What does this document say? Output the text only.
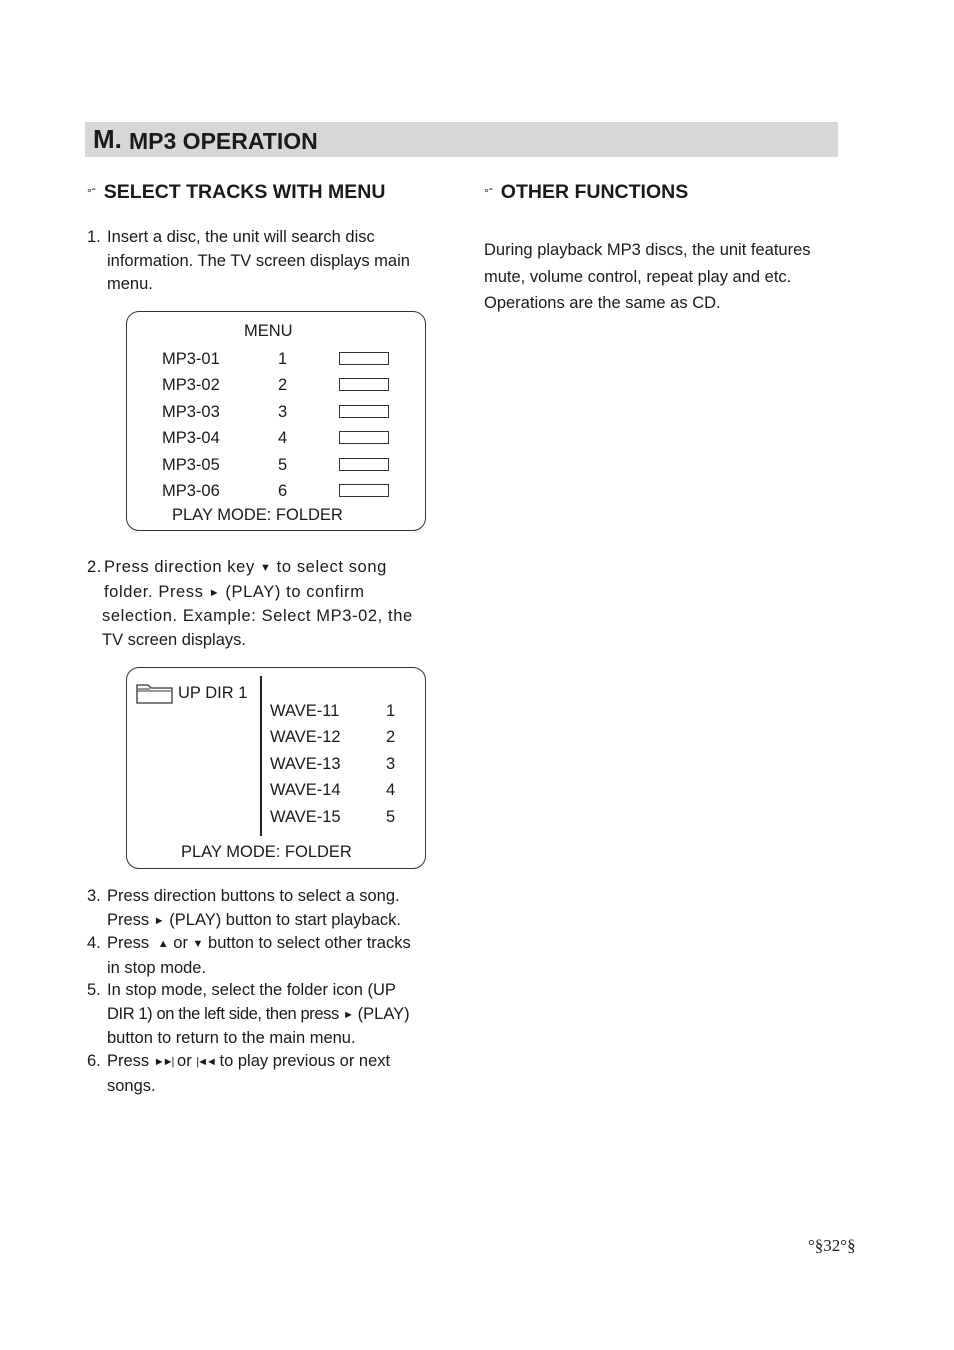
M. MP3 OPERATION
$^{^\circ ˆ}$ SELECT TRACKS WITH MENU
1. Insert a disc, the unit will search disc
information. The TV screen displays main
menu.
MENU
MP3-01	1
MP3-02	2
MP3-03	3
MP3-04	4
MP3-05	5
MP3-06	6
PLAY MODE: FOLDER
2. Press direction key ▼ to select song
folder. Press ► (PLAY) to confirm
selection. Example: Select MP3-02, the
TV screen displays.
UP DIR 1
WAVE-11	1
WAVE-12	2
WAVE-13	3
WAVE-14	4
WAVE-15	5
PLAY MODE: FOLDER
3. Press direction buttons to select a song.
Press ► (PLAY) button to start playback.
4. Press ▲ or ▼ button to select other tracks
in stop mode.
5. In stop mode, select the folder icon (UP
DIR 1) on the left side, then press ► (PLAY)
button to return to the main menu.
6. Press ►►| or |◄◄ to play previous or next
songs.
$^{^\circ ˆ}$ OTHER FUNCTIONS
During playback MP3 discs, the unit features
mute, volume control, repeat play and etc.
Operations are the same as CD.
°§32°§
